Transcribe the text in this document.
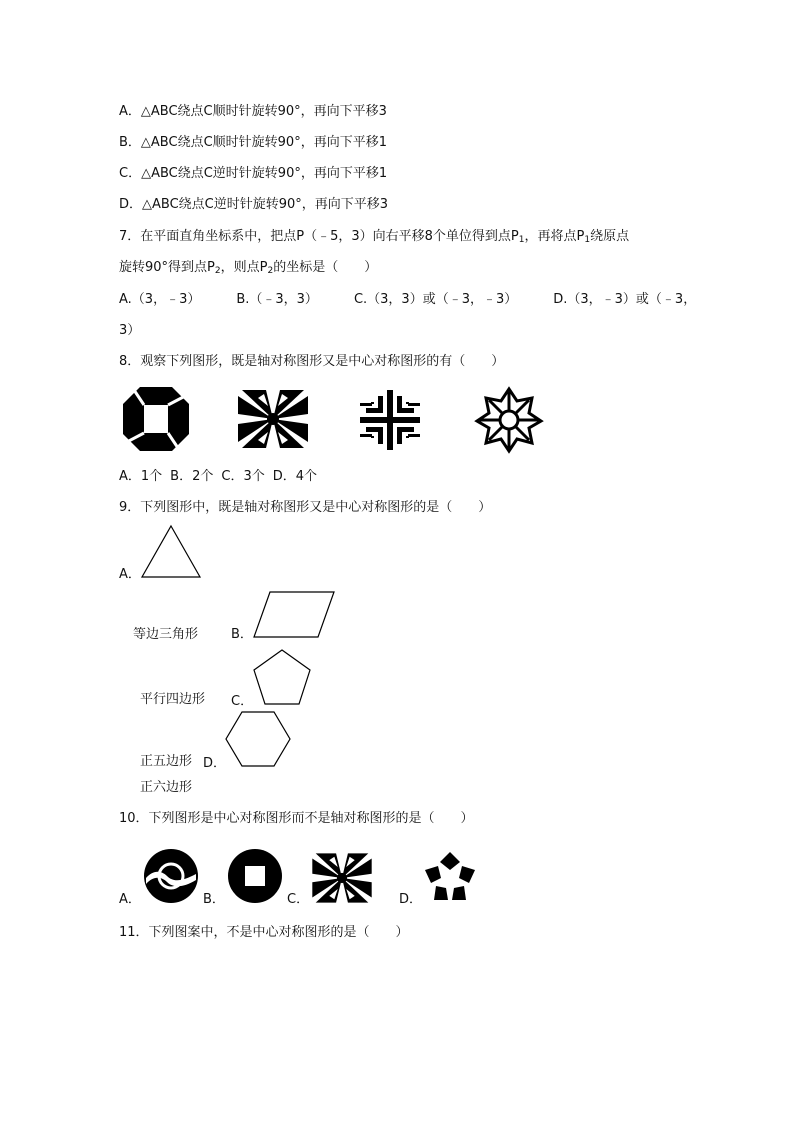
A．△ABC绕点C顺时针旋转90°，再向下平移3
B．△ABC绕点C顺时针旋转90°，再向下平移1
C．△ABC绕点C逆时针旋转90°，再向下平移1
D．△ABC绕点C逆时针旋转90°，再向下平移3
7．在平面直角坐标系中，把点P（﹣5，3）向右平移8个单位得到点$P_1$，再将点$P_1$绕原点
旋转90°得到点$P_2$，则点$P_2$的坐标是（　　）
A.（3，﹣3）	B.（﹣3，3）	C.（3，3）或（﹣3，﹣3）	D.（3，﹣3）或（﹣3，
3）
8．观察下列图形，既是轴对称图形又是中心对称图形的有（　　）
A．1个 B．2个 C．3个 D．4个
9．下列图形中，既是轴对称图形又是中心对称图形的是（　　）
A．
等边三角形	B．
平行四边形 C．
正五边形 D．
正六边形
10．下列图形是中心对称图形而不是轴对称图形的是（　　）
A．	B．	C．	D．
11．下列图案中，不是中心对称图形的是（　　）
